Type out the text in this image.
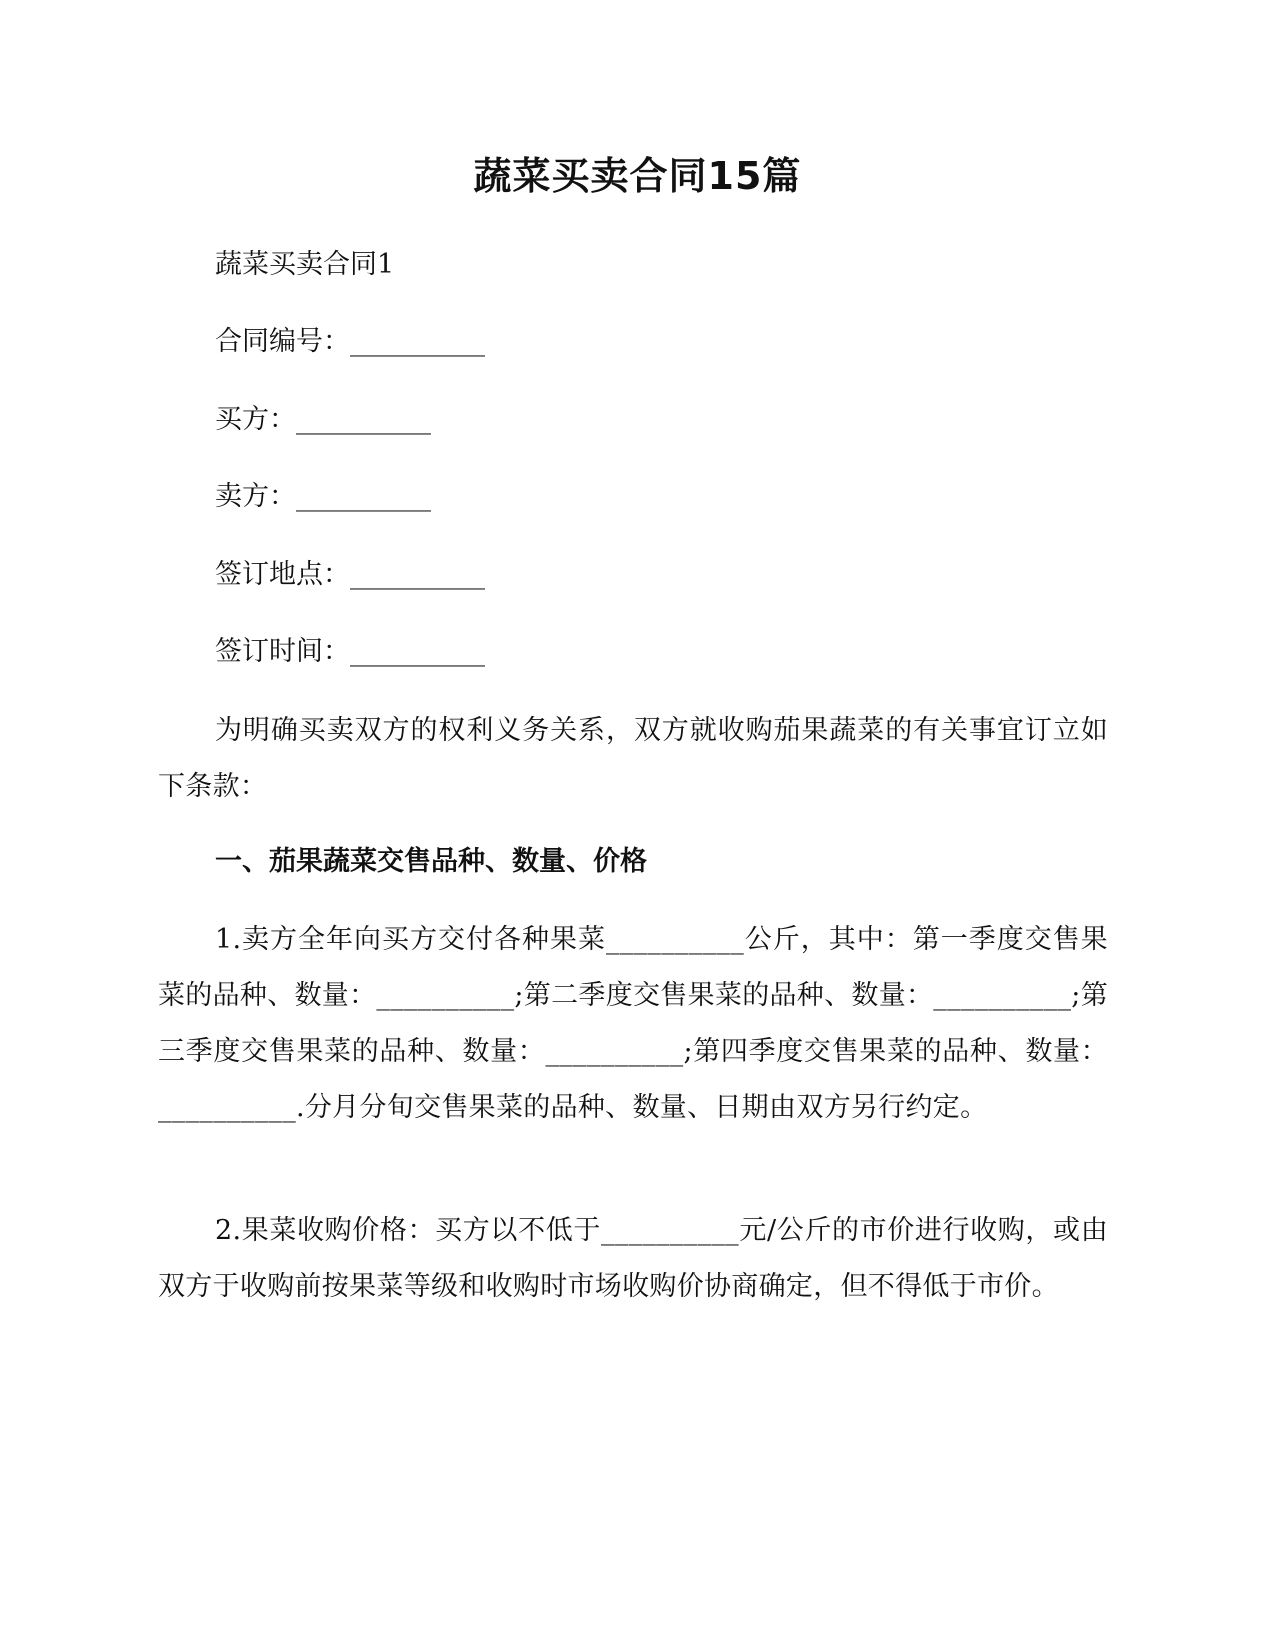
蔬菜买卖合同15篇
蔬菜买卖合同1
合同编号：__________
买方：__________
卖方：__________
签订地点：__________
签订时间：__________
为明确买卖双方的权利义务关系，双方就收购茄果蔬菜的有关事宜订立如下条款：
一、茄果蔬菜交售品种、数量、价格
1.卖方全年向买方交付各种果菜__________公斤，其中：第一季度交售果菜的品种、数量：__________;第二季度交售果菜的品种、数量：__________;第三季度交售果菜的品种、数量：__________;第四季度交售果菜的品种、数量：__________.分月分旬交售果菜的品种、数量、日期由双方另行约定。
2.果菜收购价格：买方以不低于__________元/公斤的市价进行收购，或由双方于收购前按果菜等级和收购时市场收购价协商确定，但不得低于市价。
